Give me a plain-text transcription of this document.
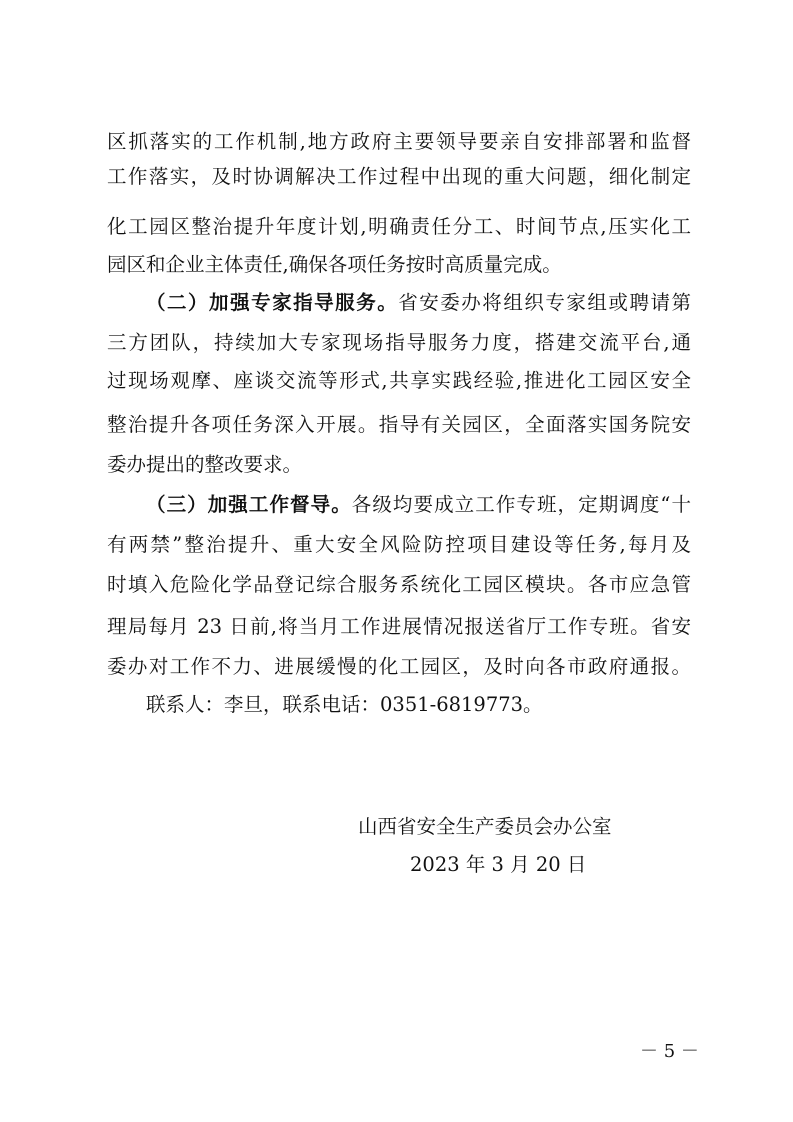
区抓落实的工作机制,地方政府主要领导要亲自安排部署和监督
工作落实，及时协调解决工作过程中出现的重大问题，细化制定
化工园区整治提升年度计划,明确责任分工、时间节点,压实化工
园区和企业主体责任,确保各项任务按时高质量完成。
（二）加强专家指导服务。省安委办将组织专家组或聘请第
三方团队，持续加大专家现场指导服务力度，搭建交流平台,通
过现场观摩、座谈交流等形式,共享实践经验,推进化工园区安全
整治提升各项任务深入开展。指导有关园区，全面落实国务院安
委办提出的整改要求。
（三）加强工作督导。各级均要成立工作专班，定期调度“十
有两禁”整治提升、重大安全风险防控项目建设等任务,每月及
时填入危险化学品登记综合服务系统化工园区模块。各市应急管
理局每月 23 日前,将当月工作进展情况报送省厅工作专班。省安
委办对工作不力、进展缓慢的化工园区，及时向各市政府通报。
联系人：李旦，联系电话：0351-6819773。
山西省安全生产委员会办公室
2023 年 3 月 20 日
－ 5 －
